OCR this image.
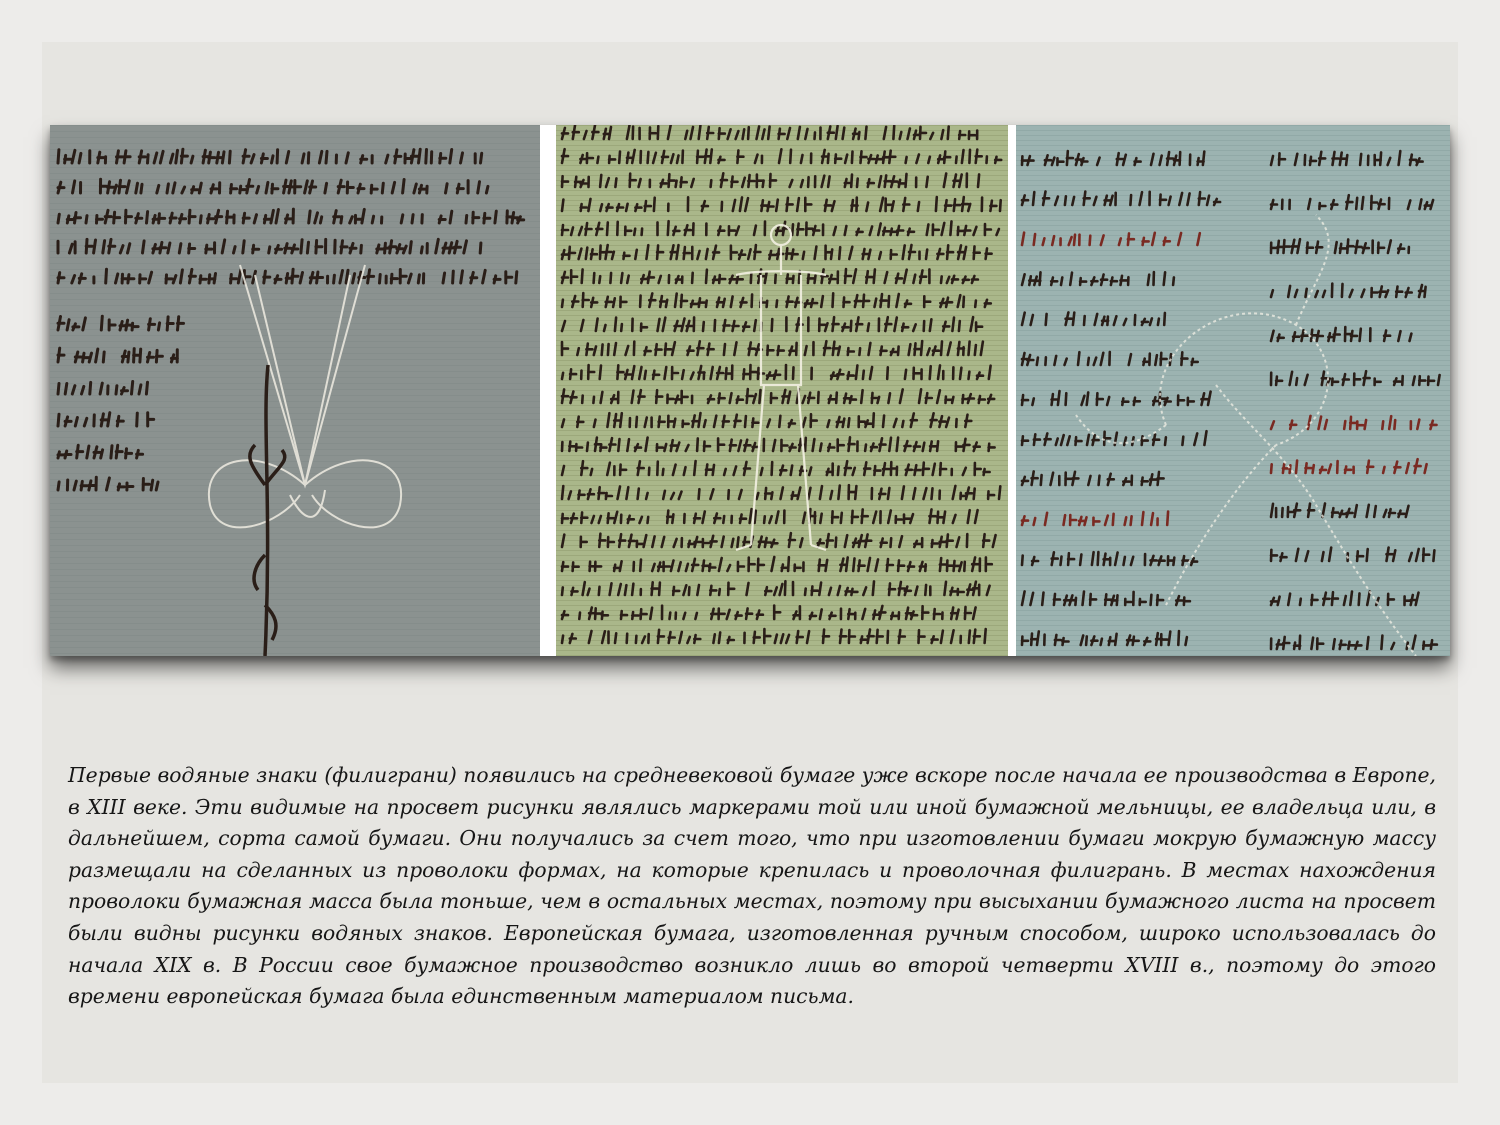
Первые водяные знаки (филиграни) появились на средневековой бумаге уже вскоре после начала ее производства в Европе, в XIII веке. Эти видимые на просвет рисунки являлись маркерами той или иной бумажной мельницы, ее владельца или, в дальнейшем, сорта самой бумаги. Они получались за счет того, что при изготовлении бумаги мокрую бумажную массу размещали на сделанных из проволоки формах, на которые крепилась и проволочная филигрань. В местах нахождения проволоки бумажная масса была тоньше, чем в остальных местах, поэтому при высыхании бумажного листа на просвет были видны рисунки водяных знаков. Европейская бумага, изготовленная ручным способом, широко использовалась до начала XIX в. В России свое бумажное производство возникло лишь во второй четверти XVIII в., поэтому до этого времени европейская бумага была единственным материалом письма.
